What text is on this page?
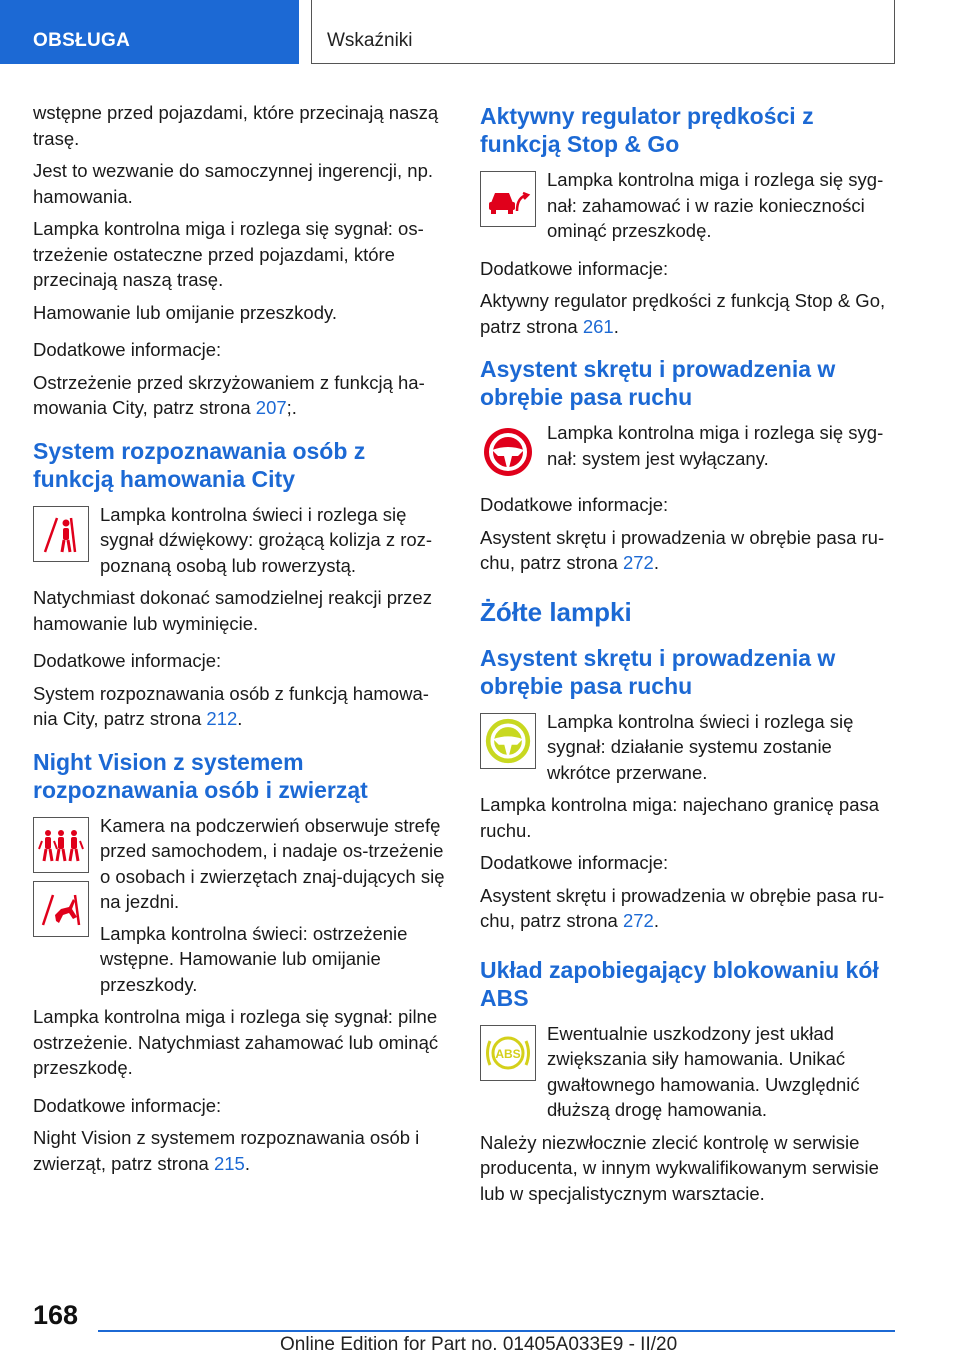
OBSŁUGA	Wskaźniki

wstępne przed pojazdami, które przecinają naszą trasę.

Jest to wezwanie do samoczynnej ingerencji, np. hamowania.

Lampka kontrolna miga i rozlega się sygnał: os-trzeżenie ostateczne przed pojazdami, które przecinają naszą trasę.

Hamowanie lub omijanie przeszkody.

Dodatkowe informacje:

Ostrzeżenie przed skrzyżowaniem z funkcją ha-mowania City, patrz strona 207;.

System rozpoznawania osób z funkcją hamowania City

Lampka kontrolna świeci i rozlega się sygnał dźwiękowy: grożącą kolizja z roz-poznaną osobą lub rowerzystą.

Natychmiast dokonać samodzielnej reakcji przez hamowanie lub wyminięcie.

Dodatkowe informacje:

System rozpoznawania osób z funkcją hamowa-nia City, patrz strona 212.

Night Vision z systemem rozpoznawania osób i zwierząt

Kamera na podczerwień obserwuje strefę przed samochodem, i nadaje os-trzeżenie o osobach i zwierzętach znaj-dujących się na jezdni.

Lampka kontrolna świeci: ostrzeżenie wstępne. Hamowanie lub omijanie przeszkody.

Lampka kontrolna miga i rozlega się sygnał: pilne ostrzeżenie. Natychmiast zahamować lub ominąć przeszkodę.

Dodatkowe informacje:

Night Vision z systemem rozpoznawania osób i zwierząt, patrz strona 215.

Aktywny regulator prędkości z funkcją Stop & Go

Lampka kontrolna miga i rozlega się syg-nał: zahamować i w razie konieczności ominąć przeszkodę.

Dodatkowe informacje:

Aktywny regulator prędkości z funkcją Stop & Go, patrz strona 261.

Asystent skrętu i prowadzenia w obrębie pasa ruchu

Lampka kontrolna miga i rozlega się syg-nał: system jest wyłączany.

Dodatkowe informacje:

Asystent skrętu i prowadzenia w obrębie pasa ru-chu, patrz strona 272.

Żółte lampki
Asystent skrętu i prowadzenia w obrębie pasa ruchu

Lampka kontrolna świeci i rozlega się sygnał: działanie systemu zostanie wkrótce przerwane.

Lampka kontrolna miga: najechano granicę pasa ruchu.

Dodatkowe informacje:

Asystent skrętu i prowadzenia w obrębie pasa ru-chu, patrz strona 272.

Układ zapobiegający blokowaniu kół ABS
ABS

Ewentualnie uszkodzony jest układ zwiększania siły hamowania. Unikać gwałtownego hamowania. Uwzględnić dłuższą drogę hamowania.

Należy niezwłocznie zlecić kontrolę w serwisie producenta, w innym wykwalifikowanym serwisie lub w specjalistycznym warsztacie.

168
Online Edition for Part no. 01405A033E9 - II/20
